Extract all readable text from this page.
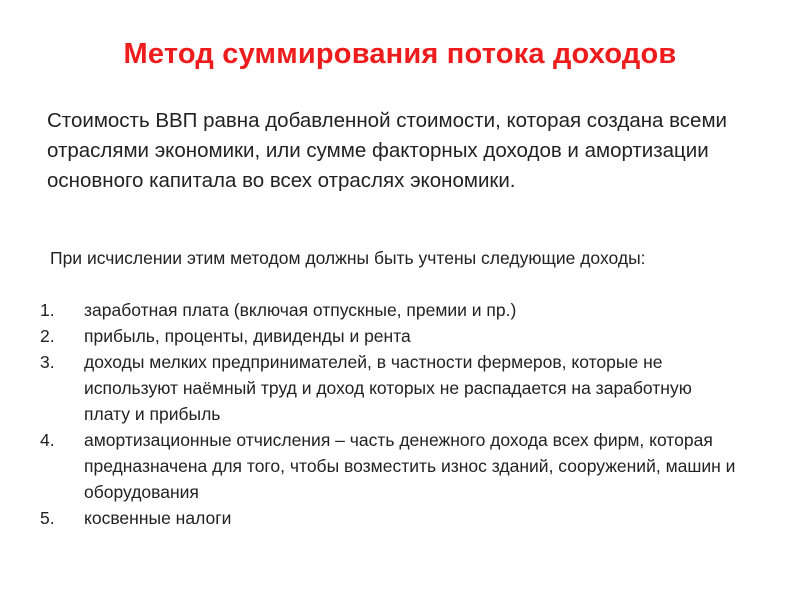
Метод суммирования потока доходов
Стоимость ВВП равна добавленной стоимости, которая создана всеми отраслями экономики, или сумме факторных доходов и амортизации основного капитала во всех отраслях экономики.
При исчислении этим методом должны быть учтены следующие доходы:
1.	заработная плата (включая отпускные, премии и пр.)
2.	прибыль, проценты, дивиденды и рента
3.	доходы мелких предпринимателей, в частности фермеров, которые не используют наёмный труд и доход которых не распадается на заработную плату и прибыль
4.	амортизационные отчисления – часть денежного дохода всех фирм, которая предназначена для того, чтобы возместить износ зданий, сооружений, машин и оборудования
5.	косвенные налоги
